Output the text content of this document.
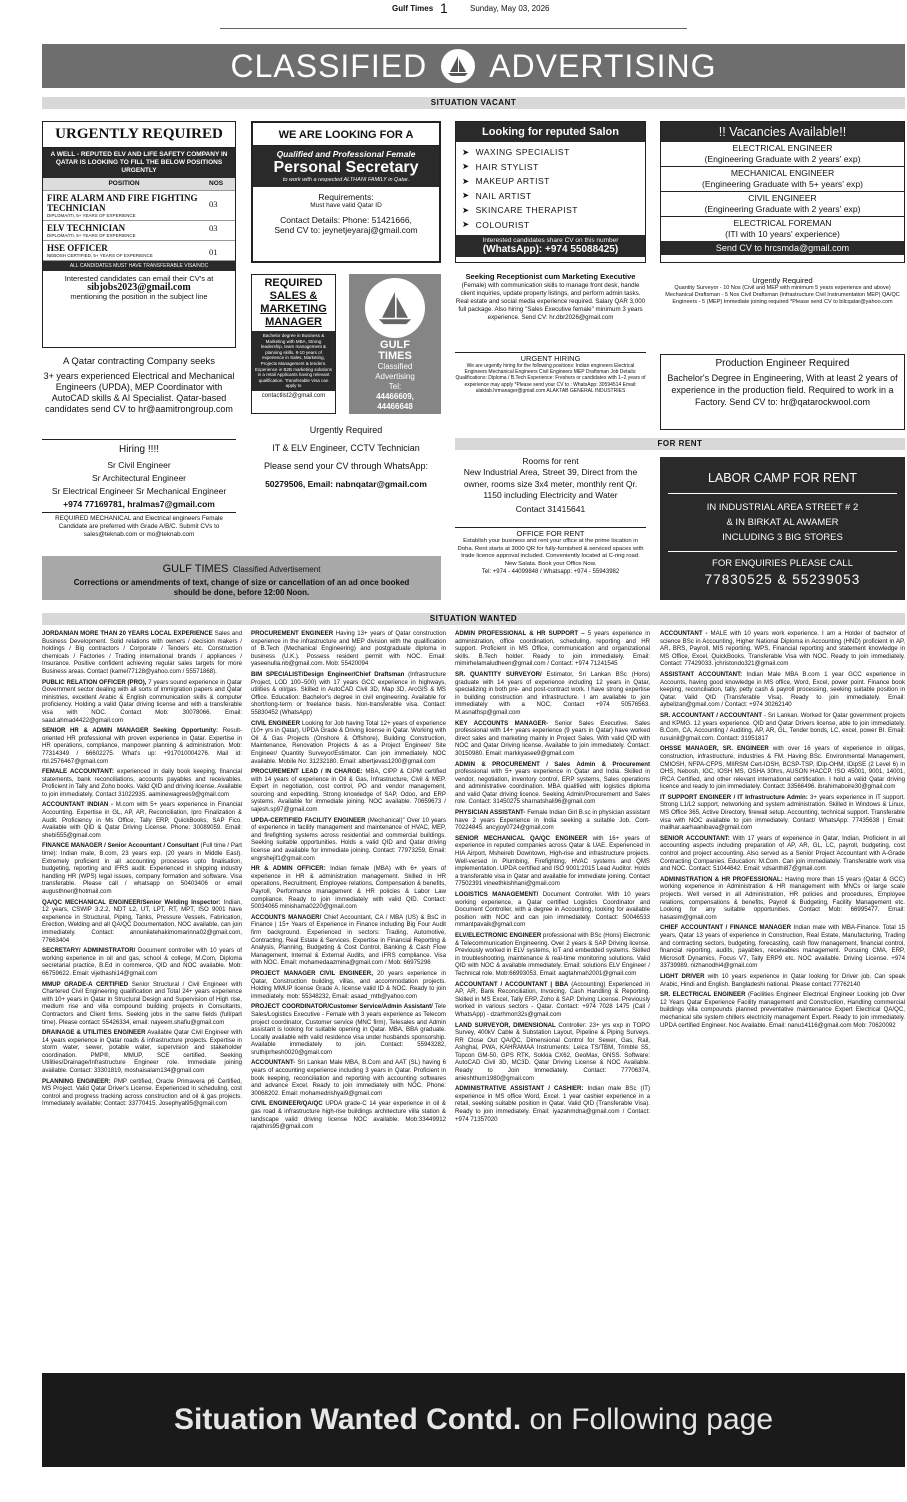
Gulf Times 1	Sunday, May 03, 2026
CLASSIFIED ADVERTISING
SITUATION VACANT
URGENTLY REQUIRED
A WELL - REPUTED ELV AND LIFE SAFETY COMPANY IN QATAR IS LOOKING TO FILL THE BELOW POSITIONS URGENTLY
POSITION	NOS

FIRE ALARM AND FIRE FIGHTING TECHNICIAN
DIPLOMA/ITI, 5+ YEARS OF EXPERIENCE	03

ELV TECHNICIAN
DIPLOMA/ITI, 5+ YEARS OF EXPERIENCE	03

HSE OFFICER
NEBOSH CERTIFIED, 5+ YEARS OF EXPERIENCE	01
ALL CANDIDATES MUST HAVE TRANSFERABLE VISA/NOC
Interested candidates can email their CV's at
sibjobs2023@gmail.com
mentioning the position in the subject line
WE ARE LOOKING FOR A
Qualified and Professional Female
Personal Secretary
to work with a respected ALTHANI FAMILY in Qatar.
Requirements:
Must have valid Qatar ID
Contact Details: Phone: 51421666,
Send CV to: jeynetjeyaraj@gmail.com
Looking for reputed Salon
➤ WAXING SPECIALIST
➤ HAIR STYLIST
➤ MAKEUP ARTIST
➤ NAIL ARTIST
➤ SKINCARE THERAPIST
➤ COLOURIST
Interested candidates share CV on this number
(WhatsApp): +974 55088425)
!! Vacancies Available!!
ELECTRICAL ENGINEER
(Engineering Graduate with 2 years' exp)
MECHANICAL ENGINEER
(Engineering Graduate with 5+ years' exp)
CIVIL ENGINEER
(Engineering Graduate with 2 years' exp)
ELECTRICAL FOREMAN
(ITI with 10 years' experience)
Send CV to hrcsmda@gmail.com
REQUIRED
SALES &
MARKETING
MANAGER
Bachelor degree in Business & Marketing with MBA, Strong leadership, team management & planning skills, 8-10 years of experience in Sales, Marketing, Projects Management & tenders. Experience in B2B marketing solutions in a retail Applicants having relevant qualification. Transferable Visa can apply to
contactlist2@gmail.com
GULF
TIMES
Classified
Advertising
Tel:
44466609,
44466648
Seeking Receptionist cum Marketing Executive
(Female) with communication skills to manage front desk, handle client inquiries, update property listings, and perform admin tasks. Real estate and social media experience required. Salary QAR 3,000 full package. Also hiring "Sales Executive female" minimum 3 years experience. Send CV: hr.dbr2026@gmail.com
URGENT HIRING
We are urgently hiring for the following positions: Indian engineers Electrical Engineers Mechanical Engineers Civil Engineers MEP Draftsman Job Details: Qualifications: Diploma / B.Tech Experience: Freshers or candidates with 1–2 years of experience may apply *Please send your CV to : WhatsApp: 30594514 Email: alaktab.hrmanager@gmail.com ALAKTAB GENERAL INDUSTRIES
Urgently Required
Quantity Surveyor - 10 Nos (Civil and MEP with minimum 5 years experience and above) Mechanical Draftsman - 5 Nos Civil Draftsman (Infrastructure Civil Instrumentation MEP) QA/QC Engineers - 5 (MEP) Immediate joining required *Please send CV to bilcqatar@yahoo.com
A Qatar contracting Company seeks
3+ years experienced Electrical and Mechanical Engineers (UPDA), MEP Coordinator with AutoCAD skills & AI Specialist. Qatar-based candidates send CV to hr@aamitrongroup.com
Production Engineer Required
Bachelor's Degree in Engineering, With at least 2 years of experience in the production field. Required to work in a Factory. Send CV to: hr@qatarockwool.com
Urgently Required
IT & ELV Engineer, CCTV Technician
Please send your CV through WhatsApp:
50279506, Email: nabnqatar@gmail.com
FOR RENT
Hiring !!!!
Sr Civil Engineer
Sr Architectural Engineer
Sr Electrical Engineer Sr Mechanical Engineer
+974 77169781, hralmas7@gmail.com
REQUIRED MECHANICAL and Electrical engineers Female Candidate are preferred with Grade A/B/C. Submit CVs to sales@teknab.com or mo@teknab.com
Rooms for rent
New Industrial Area, Street 39, Direct from the owner, rooms size 3x4 meter, monthly rent Qr. 1150 including Electricity and Water
Contact 31415641
LABOR CAMP FOR RENT
IN INDUSTRIAL AREA STREET # 2
& IN BIRKAT AL AWAMER
INCLUDING 3 BIG STORES
FOR ENQUIRIES PLEASE CALL
77830525 & 55239053
GULF TIMES Classified Advertisement
Corrections or amendments of text, change of size or cancellation of an ad once booked should be done, before 12:00 Noon.
OFFICE FOR RENT
Establish your business and rent your office at the prime location in Doha. Rent starts at 3000 QR for fully-furnished & serviced spaces with trade licence approval included. Conveniently located at C-ring road. New Salata. Book your Office Now.
Tel: +974 - 44099848 / Whatsapp: +974 - 55943982
SITUATION WANTED

JORDANIAN MORE THAN 20 YEARS LOCAL EXPERIENCE Sales and Business Development. Solid relations with owners / decision makers / holdings / Big contractors / Corporate / Tenders etc. Construction chemicals / Factories / Trading international brands / appliances / Insurance. Positive confident achieving regular sales targets for more Business areas. Contact (kamel77128@yahoo.com / 55571868).

PUBLIC RELATION OFFICER (PRO), 7 years sound experience in Qatar Government sector dealing with all sorts of immigration papers and Qatar ministries, excellent Arabic & English communication skills & computer proficiency. Holding a valid Qatar driving license and with a transferable visa with NOC. Contact Mob: 30078066. Email: saad.ahmad4422@gmail.com

SENIOR HR & ADMIN MANAGER Seeking Opportunity: Result-oriented HR professional with proven experience in Qatar. Expertise in HR operations, compliance, manpower planning & administration. Mob: 77314349 / 66602275. What's up: +917010004276. Mail id: rbl.2576467@gmail.com

FEMALE ACCOUNTANT: experienced in daily book keeping, financial statements, bank reconciliations, accounts payables and receivables. Proficient in Tally and Zoho books. Valid QID and driving license. Available to join immediately. Contact 31022935. aaminewagrees9@gmail.com

ACCOUNTANT INDIAN - M.com with 5+ years experience in Financial Accounting. Expertise in GL, AP, AR, Reconciliation, Ipro Finalization & Audit. Proficiency in Ms Office, Tally ERP, QuickBooks, SAP Fico. Available with QID & Qatar Driving License. Phone: 30089059. Email: shebi555@gmail.com

FINANCE MANAGER / Senior Accountant / Consultant (Full time / Part time): Indian male, B.com, 23 years exp. (20 years in Middle East). Extremely proficient in all accounting processes upto finalisation, budgeting, reporting and IFRS audit. Experienced in shipping industry handling HR (WPS) legal issues, company formation and software. Visa transferable. Please call / whatsapp on 50403406 or email augusthner@hotmail.com

QA/QC MECHANICAL ENGINEER/Senior Welding Inspector: Indian, 12 years, CSWIP 3.2.2, NDT L2, UT, LPT, RT, MPT, ISO 9001 have experience in Structural, Piping, Tanks, Pressure Vessels, Fabrication, Erection, Welding and all QA/QC Documentation, NOC available, can join immediately. Contact: annunilatehakimomarinna02@gmail.com, 77663404

SECRETARY/ ADMINISTRATOR/ Document controller with 10 years of working experience in oil and gas, school & college, M.Com, Diploma secretarial practice, B.Ed in commerce, QID and NOC available. Mob: 66759622. Email: vijethashi14@gmail.com

MMUP GRADE-A CERTIFIED Senior Structural / Civil Engineer with Chartered Civil Engineering qualification and Total 24+ years experience with 10+ years in Qatar in Structural Design and Supervision of High rise, medium rise and villa compound building projects in Consultants, Contractors and Client firms. Seeking jobs in the same fields (full/part time). Please contact: 55426334, email: nayeem.shafiu@gmail.com

DRAINAGE & UTILITIES ENGINEER Available Qatar Civil Engineer with 14 years experience in Qatar roads & infrastructure projects. Expertise in storm water, sewer, potable water, supervision and stakeholder coordination. PMP®, MMUP, SCE certified. Seeking Utilities/Drainage/Infrastructure Engineer role. Immediate joining available. Contact: 33301819, moshaisalam134@gmail.com

PLANNING ENGINEER: PMP certified, Oracle Primavera p6 Certified, MS Project. Valid Qatar Driver's License. Experienced in scheduling, cost control and progress tracking across construction and oil & gas projects. Immediately available; Contact: 33770415. Josephyal95@gmail.com

PROCUREMENT ENGINEER Having 13+ years of Qatar construction experience in the infrastructure and MEP division with the qualification of B.Tech (Mechanical Engineering) and postgraduate diploma in business (U.K.). Possess resident permit with NOC. Email: yaseenulla.nb@gmail.com. Mob: 55420094

BIM SPECIALIST/Design Engineer/Chief Draftsman (Infrastructure Project, LOD 100–500) with 17 years GCC experience in highways, utilities & oil/gas. Skilled in AutoCAD Civil 3D, Map 3D, ArcGIS & MS Office. Education: Bachelor's degree in civil engineering. Available for short/long-term or freelance basis. Non-transferable visa. Contact: 55830452 (WhatsApp)

CIVIL ENGINEER Looking for Job having Total 12+ years of experience (10+ yrs in Qatar), UPDA Grade & Driving license in Qatar. Working with Oil & Gas Projects (Onshore & Offshore), Building Construction, Maintenance, Renovation Projects & as a Project Engineer/ Site Engineer/ Quantity Surveyor/Estimator. Can join immediately. NOC available. Mobile No: 31232180. Email: albertjevas1200@gmail.com

PROCUREMENT LEAD / IN CHARGE: MBA, CIPP & CIPM certified with 14 years of experience in Oil & Gas, Infrastructure, Civil & MEP. Expert in negotiation, cost control, PO and vendor management, sourcing and expediting. Strong knowledge of SAP, Odoo, and ERP systems. Available for immediate joining. NOC available. 70659673 / sajesh.sp97@gmail.com

UPDA-CERTIFIED FACILITY ENGINEER (Mechanical)" Over 10 years of experience in facility management and maintenance of HVAC, MEP, and firefighting systems across residential and commercial buildings. Seeking suitable opportunities. Holds a valid QID and Qatar driving license and available for immediate joining. Contact: 77973259, Email: engrshejif1@gmail.com

HR & ADMIN OFFICER: Indian female (MBA) with 6+ years of experience in HR & administration management. Skilled in HR operations, Recruitment, Employee relations, Compensation & benefits, Payroll, Performance management & HR policies & Labor Law compliance. Ready to join immediately with valid QID. Contact: 50034065 minishama0220@gmail.com

ACCOUNTS MANAGER/ Chief Accountant, CA / MBA (US) & BsC in Finance | 15+ Years of Experience in Finance including Big Four Audit firm background. Experienced in sectors: Trading, Automotive, Contracting, Real Estate & Services. Expertise in Financial Reporting & Analysis, Planning, Budgeting & Cost Control, Banking & Cash Flow Management, Internal & External Audits, and IFRS compliance. Visa with NOC. Email: mohamedaazmina@gmail.com / Mob: 66975296

PROJECT MANAGER CIVIL ENGINEER, 20 years experience in Qatar, Construction building, villas, and accommodation projects. Holding MMUP license Grade A. license valid ID & NOC. Ready to join immediately. mob: 55348232, Email: asaad_mtb@yahoo.com

PROJECT COORDINATOR/Customer Service/Admin Assistant/ Tele Sales/Logistics Executive - Female with 3 years experience as Telecom project coordinator, Customer service (MNC firm), Telesales and Admin assistant is looking for suitable opening in Qatar. MBA, BBA graduate. Locally available with valid residence visa under husbands sponsorship. Available immediately to join. Contact: 55943282, sruthiprhesh0020@gmail.com

ACCOUNTANT- Sri Lankan Male MBA, B.Com and AAT (SL) having 6 years of accounting experience including 3 years in Qatar. Proficient in book keeping, reconciliation and reporting with accounting softwares and advance Excel. Ready to join immediately with NOC. Phone: 30068202. Email: mohamedrishyai9@gmail.com

CIVIL ENGINEER/QA/QC UPDA grade-C 14 year experience in oil & gas road & infrastructure high-rise buildings architecture villa station & landscape valid driving license NOC available. Mob:33449912 rajathirs95@gmail.com

ADMIN PROFESSIONAL & HR SUPPORT – 5 years experience in administration, office coordination, scheduling, reporting and HR support. Proficient in MS Office, communication and organizational skills. B.Tech holder. Ready to join immediately. Email: mimirhelamaludheen@gmail.com / Contact: +974 71241545

SR. QUANTITY SURVEYOR/ Estimator, Sri Lankan BSc (Hons) graduate with 14 years of experience including 12 years in Qatar, specializing in both pre- and post-contract work. I have strong expertise in building construction and infrastructure. I am available to join immediately with a NOC. Contact +974 50576563. M.asnathsp@gmail.com

KEY ACCOUNTS MANAGER- Senior Sales Executive. Sales professional with 14+ years experience (9 years in Qatar) have worked direct sales and marketing mainly in Project Sales. With valid QID with NOC and Qatar Driving license. Available to join immediately. Contact: 30150980. Email: markkyasee9@gmail.com

ADMIN & PROCUREMENT / Sales Admin & Procurement professional with 5+ years experience in Qatar and India. Skilled in vendor, negotiation, inventory control, ERP systems, Sales operations and administrative coordination. MBA qualified with logistics diploma and valid Qatar driving licence. Seeking Admin/Procurement and Sales role. Contact: 31450275 sharnatshali96@gmail.com

PHYSICIAN ASSISTANT- Female Indian Girl B.sc in physician assistant have 2 years Experience in India seeking a suitable Job. Cont- 70224845. ancyjoy0724@gmail.com

SENIOR MECHANICAL QA/QC ENGINEER with 16+ years of experience in reputed companies across Qatar & UAE. Experienced in HIA Airport, Msheireb Downtown, High-rise and infrastructure projects. Well-versed in Plumbing, Firefighting, HVAC systems and QMS implementation. UPDA certified and ISO 9001:2015 Lead Auditor. Holds a transferable visa in Qatar and available for immediate joining. Contact 77502391 vineethkishhani@gmail.com

LOGISTICS MANAGEMENT/ Document Controller. With 10 years working experience, a Qatar certified Logistics Coordinator and Document Controller, with a degree in Accounting, looking for available position with NOC and can join immediately. Contact: 50046533 mmantpavaik@gmail.com

ELV/ELECTRONIC ENGINEER professional with BSc (Hons) Electronic & Telecommunication Engineering. Over 2 years & SAP Driving license. Previously worked in ELV systems, IoT and embedded systems. Skilled in troubleshooting, maintenance & real-time monitoring solutions. Valid QID with NOC & available immediately. Email: solutions ELV Engineer / Technical role. Mob:66993053. Email: aagtahmah2001@gmail.com

ACCOUNTANT / ACCOUNTANT | BBA (Accounting) Experienced in AP, AR, Bank Reconciliation, Invoicing, Cash Handling & Reporting. Skilled in MS Excel, Tally ERP, Zoho & SAP. Driving License. Previously worked in various sectors - Qatar. Contact: +974 7028 1475 (Call / WhatsApp) - dzarhmon32s@gmail.com

LAND SURVEYOR, DIMENSIONAL Controller: 23+ yrs exp in TOPO Survey, 400kV Cable & Substation Layout, Pipeline & Piping Surveys. RR Close Out QA/QC, Dimensional Control for Sewer, Gas, Rail, Ashghal, PWA, KAHRAMAA Instruments: Leica TS/TBM, Trimble S5, Topcon GM-50, GPS RTK, Sokkia CX62, GeoMax, GNSS. Software: AutoCAD Civil 3D, MC3D. Qatar Driving License & NOC Available. Ready to Join Immediately. Contact: 77706374, anieshthum1980@gmail.com

ADMINISTRATIVE ASSISTANT / CASHIER: Indian male BSc (IT) experience in MS office Word, Excel. 1 year cashier experience in a retail, seeking suitable position in Qatar. Valid QID (Transferable Visa). Ready to join immediately. Email: iyazahmdna@gmail.com / Contact: +974 71357020

ACCOUNTANT - MALE with 10 years work experience. I am a Holder of bachelor of science BSc in Accounting, Higher National Diploma in Accounting (HND) proficient in AP, AR, BRS, Payroll, MIS reporting, WPS, Financial reporting and statement knowledge in MS Office, Excel, QuickBooks. Transferable Visa with NOC. Ready to join immediately. Contact: 77429033. jchristondo321@gmail.com

ASSISTANT ACCOUNTANT: Indian Male MBA B.com 1 year GCC experience in Accounts, having good knowledge in MS office, Word, Excel, power point. Finance book keeping, reconciliation, tally, petty cash & payroll processing, seeking suitable position in Qatar. Valid QID (Transferable Visa). Ready to join immediately. Email: aybelizan@gmail.com / Contact: +974 30262140

SR. ACCOUNTANT / ACCOUNTANT - Sri Lankan. Worked for Qatar government projects and KPMG. 12 years experience. QID and Qatar Drivers license, able to join immediately. B.Com, CA, Accounting / Auditing, AP, AR, GL, Tender bonds, LC, excel, power BI. Email: rusuinil@gmail.com. Contact: 31951817

OHSSE MANAGER, SR. ENGINEER with over 16 years of experience in oil/gas, construction, infrastructure, industries & FM. Having BSc. Environmental Management, CMIOSH, NFPA-CFPS, MIIRSM Cert-IOSH, BCSP-TSP, IDip-OHM, IDipSE (2 Level 6) in OHS, Nebosh, IGC, IOSH MS, OSHA 30hrs, AUSON HACCP. ISO 45001, 9001, 14001, IRCA Certified, and other relevant international certification. I hold a valid Qatar driving licence and ready to join immediately. Contact: 33566496. ibrahimaboire30@gmail.com

IT SUPPORT ENGINEER / IT Infrastructure Admin: 3+ years experience in IT support. Strong L1/L2 support, networking and system administration. Skilled in Windows & Linux, MS Office 365, Active Directory, firewall setup. Accounting, technical support. Transferable visa with NOC available to join immediately. Contact/ WhatsApp: 77435638 | Email: mailhar.aarhaanibava@gmail.com

SENIOR ACCOUNTANT: With 17 years of experience in Qatar, Indian, Proficient in all accounting aspects including preparation of AP, AR, GL, LC, payroll, budgeting, cost control and project accounting. Also served as a Senior Project Accountant with A-Grade Contracting Companies. Education: M.Com. Can join immediately. Transferable work visa and NOC. Contact: 51044642. Email: vdsanthi87@gmail.com

ADMINISTRATION & HR PROFESSIONAL: Having more than 15 years (Qatar & GCC) working experience in Administration & HR management with MNCs or large scale projects. Well versed in all Administration, HR policies and procedures, Employee relations, compensations & benefits, Payroll & Budgeting, Facility Management etc. Looking for any suitable opportunities. Contact Mob: 66995477. Email: hasasim@gmail.com

CHIEF ACCOUNTANT / FINANCE MANAGER Indian male with MBA-Finance. Total 15 years, Qatar 13 years of experience in Construction, Real Estate, Manufacturing, Trading and contracting sectors, budgeting, forecasting, cash flow management, financial control, financial reporting, audits, payables, receivables management. Pursuing CMA, ERP, Microsoft Dynamics, Focus V7, Tally ERP9 etc. NOC available. Driving License. +974 33739989. nizhanodhi4@gmail.com

LIGHT DRIVER with 10 years experience in Qatar looking for Driver job. Can speak Arabic, Hindi and English. Bangladeshi national. Please contact 77762140

SR. ELECTRICAL ENGINEER (Facilities Engineer Electrical Engineer Looking job Over 12 Years Qatar Experience Facility management and Construction, Handling commercial buildings villa compounds planned preventative maintenance Expert Electrical QA/QC, mechanical site system chillers electricity management Expert. Ready to join immediately. UPDA certified Engineer. Noc Available. Email: nanu14116@gmail.com Mob: 70620092

Situation Wanted Contd.
on Following page
